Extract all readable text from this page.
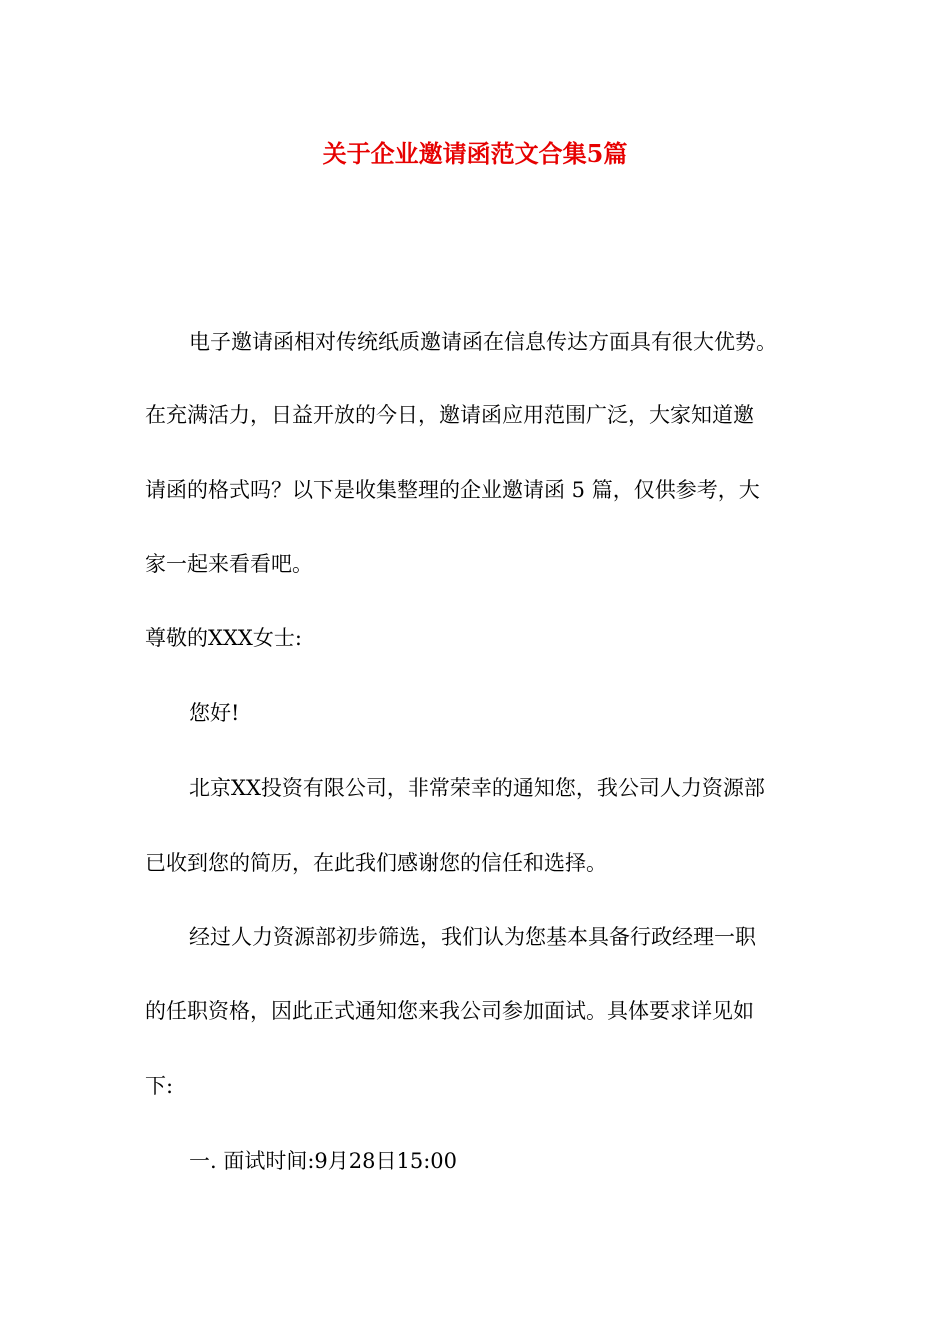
关于企业邀请函范文合集5篇
电子邀请函相对传统纸质邀请函在信息传达方面具有很大优势。
在充满活力，日益开放的今日，邀请函应用范围广泛，大家知道邀
请函的格式吗？以下是收集整理的企业邀请函 5 篇，仅供参考，大
家一起来看看吧。
尊敬的XXX女士:
您好!
北京XX投资有限公司，非常荣幸的通知您，我公司人力资源部
已收到您的简历，在此我们感谢您的信任和选择。
经过人力资源部初步筛选，我们认为您基本具备行政经理一职
的任职资格，因此正式通知您来我公司参加面试。具体要求详见如
下:
一. 面试时间:9月28日15:00
